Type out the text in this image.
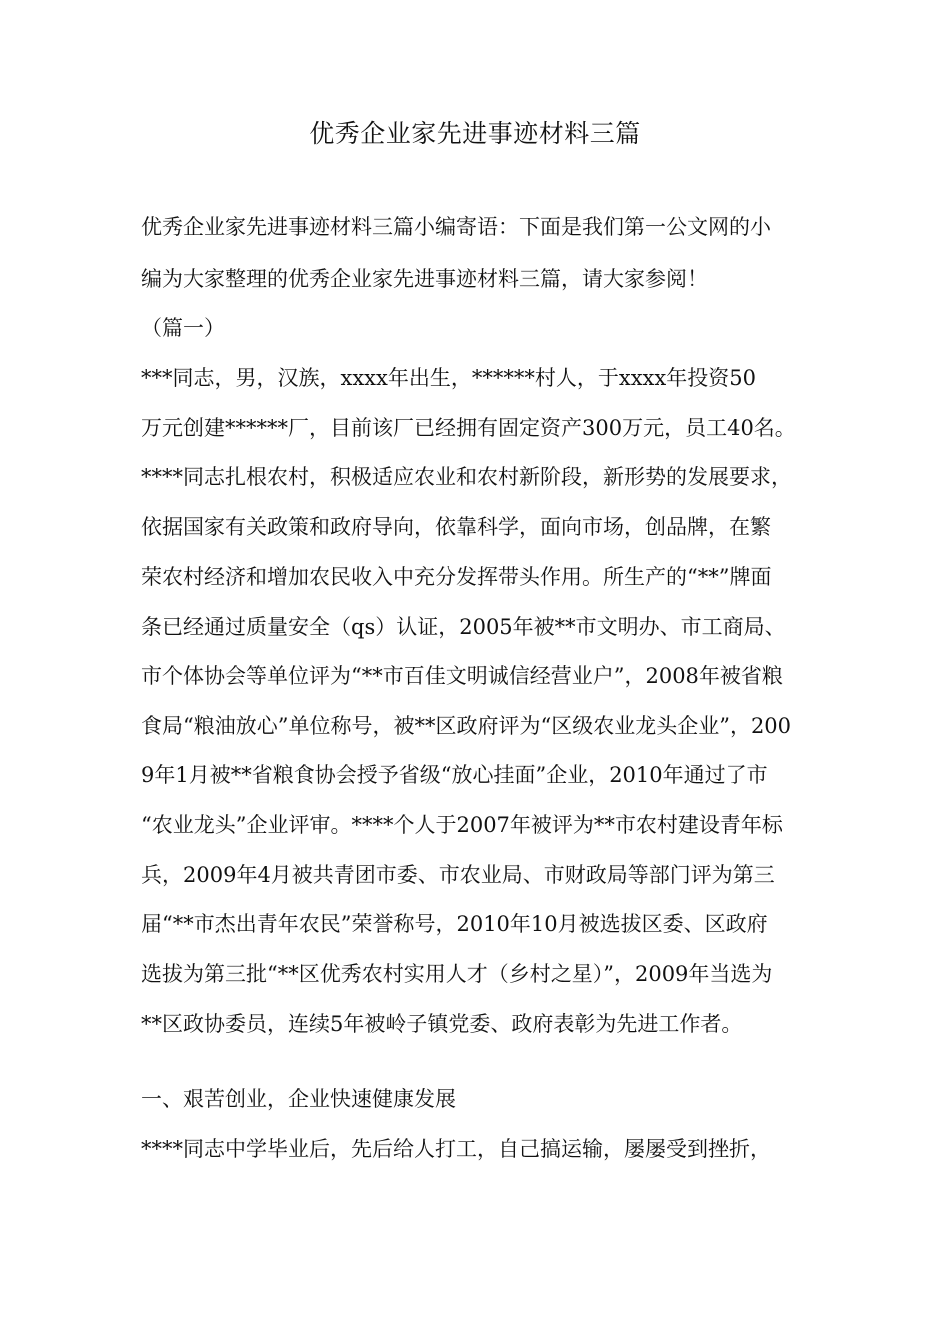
优秀企业家先进事迹材料三篇
优秀企业家先进事迹材料三篇小编寄语：下面是我们第一公文网的小
编为大家整理的优秀企业家先进事迹材料三篇，请大家参阅！
（篇一）
***同志，男，汉族，xxxx年出生，******村人，于xxxx年投资50
万元创建******厂，目前该厂已经拥有固定资产300万元，员工40名。
****同志扎根农村，积极适应农业和农村新阶段，新形势的发展要求，
依据国家有关政策和政府导向，依靠科学，面向市场，创品牌，在繁
荣农村经济和增加农民收入中充分发挥带头作用。所生产的“**”牌面
条已经通过质量安全（qs）认证，2005年被**市文明办、市工商局、
市个体协会等单位评为“**市百佳文明诚信经营业户”，2008年被省粮
食局“粮油放心”单位称号，被**区政府评为“区级农业龙头企业”，200
9年1月被**省粮食协会授予省级“放心挂面”企业，2010年通过了市
“农业龙头”企业评审。****个人于2007年被评为**市农村建设青年标
兵，2009年4月被共青团市委、市农业局、市财政局等部门评为第三
届“**市杰出青年农民”荣誉称号，2010年10月被选拔区委、区政府
选拔为第三批“**区优秀农村实用人才（乡村之星）”，2009年当选为
**区政协委员，连续5年被岭子镇党委、政府表彰为先进工作者。
一、艰苦创业，企业快速健康发展
****同志中学毕业后，先后给人打工，自己搞运输，屡屡受到挫折，
